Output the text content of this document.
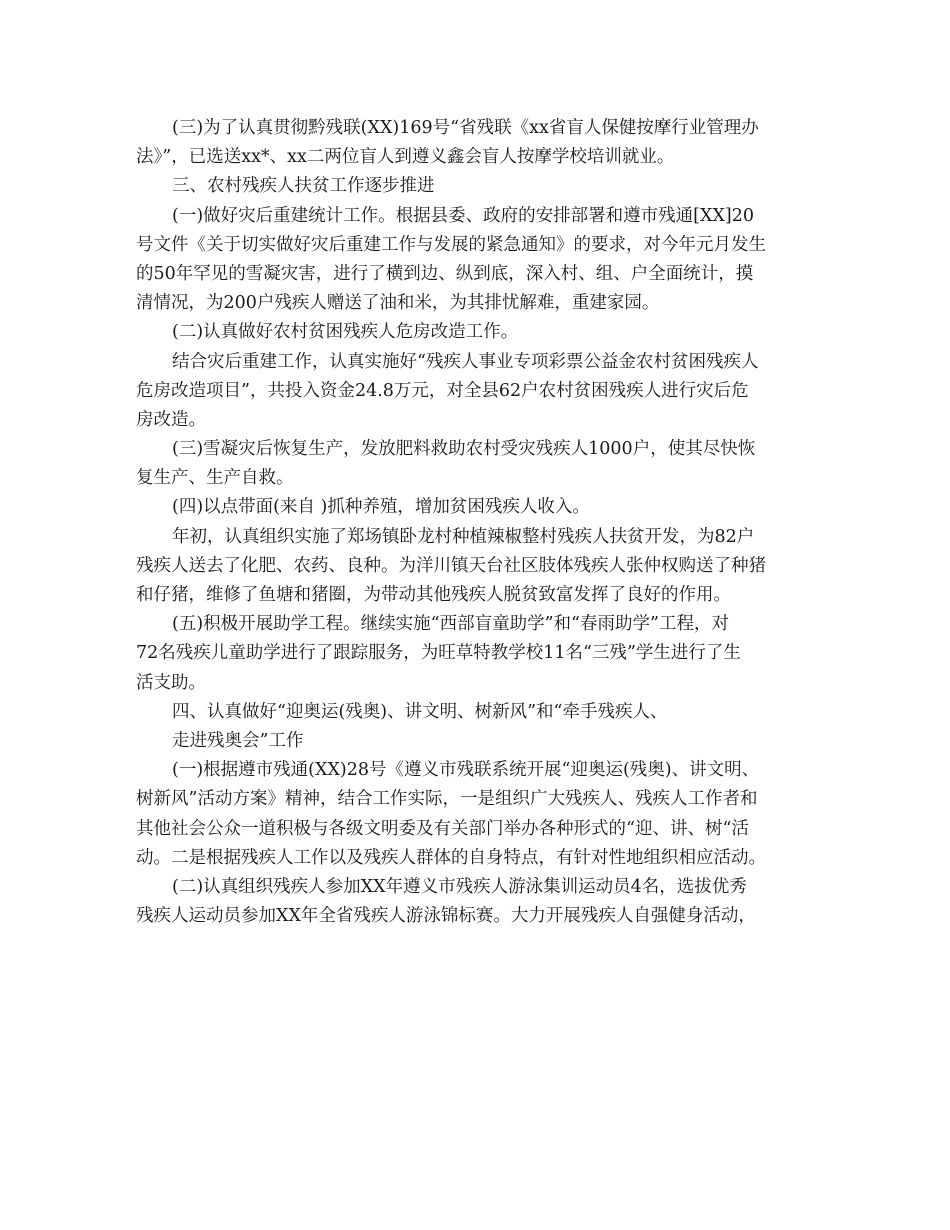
(三)为了认真贯彻黔残联(XX)169号“省残联《xx省盲人保健按摩行业管理办
法》”，已选送xx*、xx二两位盲人到遵义鑫会盲人按摩学校培训就业。
三、农村残疾人扶贫工作逐步推进
(一)做好灾后重建统计工作。根据县委、政府的安排部署和遵市残通[XX]20
号文件《关于切实做好灾后重建工作与发展的紧急通知》的要求，对今年元月发生
的50年罕见的雪凝灾害，进行了横到边、纵到底，深入村、组、户全面统计，摸
清情况，为200户残疾人赠送了油和米，为其排忧解难，重建家园。
(二)认真做好农村贫困残疾人危房改造工作。
结合灾后重建工作，认真实施好“残疾人事业专项彩票公益金农村贫困残疾人
危房改造项目”，共投入资金24.8万元，对全县62户农村贫困残疾人进行灾后危
房改造。
(三)雪凝灾后恢复生产，发放肥料救助农村受灾残疾人1000户，使其尽快恢
复生产、生产自救。
(四)以点带面(来自 )抓种养殖，增加贫困残疾人收入。
年初，认真组织实施了郑场镇卧龙村种植辣椒整村残疾人扶贫开发，为82户
残疾人送去了化肥、农药、良种。为洋川镇天台社区肢体残疾人张仲权购送了种猪
和仔猪，维修了鱼塘和猪圈，为带动其他残疾人脱贫致富发挥了良好的作用。
(五)积极开展助学工程。继续实施“西部盲童助学”和“春雨助学”工程，对
72名残疾儿童助学进行了跟踪服务，为旺草特教学校11名“三残”学生进行了生
活支助。
四、认真做好“迎奥运(残奥)、讲文明、树新风”和“牵手残疾人、
走进残奥会”工作
(一)根据遵市残通(XX)28号《遵义市残联系统开展“迎奥运(残奥)、讲文明、
树新风”活动方案》精神，结合工作实际，一是组织广大残疾人、残疾人工作者和
其他社会公众一道积极与各级文明委及有关部门举办各种形式的“迎、讲、树“活
动。二是根据残疾人工作以及残疾人群体的自身特点，有针对性地组织相应活动。
(二)认真组织残疾人参加XX年遵义市残疾人游泳集训运动员4名，选拔优秀
残疾人运动员参加XX年全省残疾人游泳锦标赛。大力开展残疾人自强健身活动，
